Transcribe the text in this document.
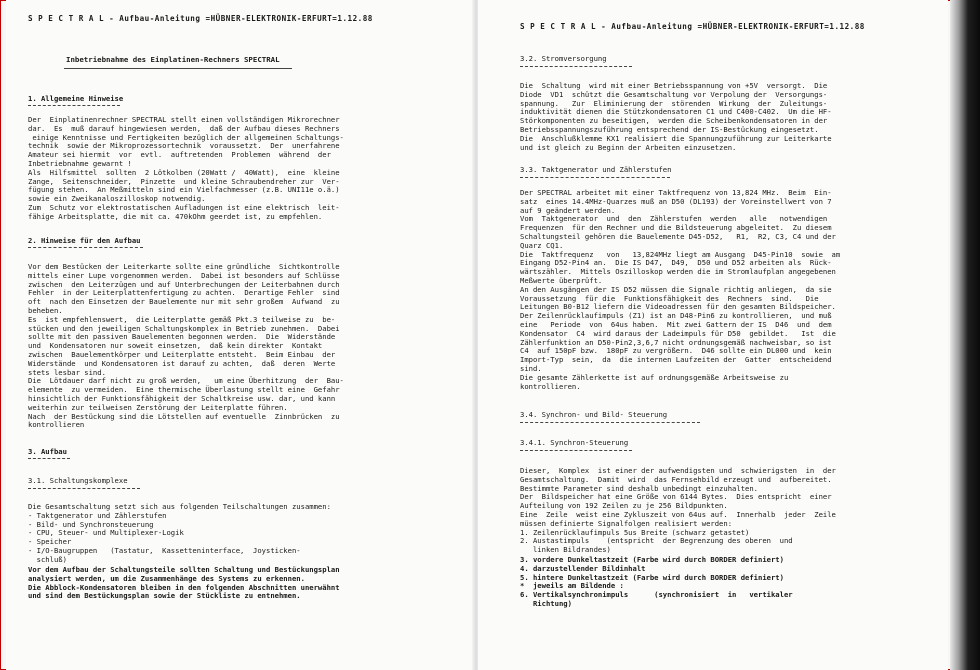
S P E C T R A L - Aufbau-Anleitung =HÜBNER-ELEKTRONIK-ERFURT=1.12.88
Inbetriebnahme des Einplatinen-Rechners SPECTRAL
1. Allgemeine Hinweise
Der  Einplatinenrechner SPECTRAL stellt einen vollständigen Mikrorechner
dar.  Es  muß darauf hingewiesen werden,  daß der Aufbau dieses Rechners
einige Kenntnisse und Fertigkeiten bezüglich der allgemeinen Schaltungs-
technik  sowie der Mikroprozessortechnik  voraussetzt.  Der  unerfahrene
Amateur sei hiermit  vor  evtl.  auftretenden  Problemen  während  der
Inbetriebnahme gewarnt !
Als  Hilfsmittel  sollten  2 Lötkolben (20Watt /  40Watt),  eine  kleine
Zange,  Seitenschneider,  Pinzette  und kleine Schraubendreher zur  Ver-
fügung stehen.  An Meßmitteln sind ein Vielfachmesser (z.B. UNI11e o.ä.)
sowie ein Zweikanaloszilloskop notwendig.
Zum  Schutz vor elektrostatischen Aufladungen ist eine elektrisch  leit-
fähige Arbeitsplatte, die mit ca. 470kOhm geerdet ist, zu empfehlen.
2. Hinweise für den Aufbau
Vor dem Bestücken der Leiterkarte sollte eine gründliche  Sichtkontrolle
mittels einer Lupe vorgenommen werden.  Dabei ist besonders auf Schlüsse
zwischen  den Leiterzügen und auf Unterbrechungen der Leiterbahnen durch
Fehler  in der Leiterplattenfertigung zu achten.  Derartige Fehler  sind
oft  nach den Einsetzen der Bauelemente nur mit sehr großem  Aufwand  zu
beheben.
Es  ist empfehlenswert,  die Leiterplatte gemäß Pkt.3 teilweise zu  be-
stücken und den jeweiligen Schaltungskomplex in Betrieb zunehmen.  Dabei
sollte mit den passiven Bauelementen begonnen werden.  Die  Widerstände
und  Kondensatoren nur soweit einsetzen,  daß kein direkter  Kontakt
zwischen  Bauelementkörper und Leiterplatte entsteht.  Beim Einbau  der
Widerstände  und Kondensatoren ist darauf zu achten,  daß  deren  Werte
stets lesbar sind.
Die  Lötdauer darf nicht zu groß werden,   um eine Überhitzung  der  Bau-
elemente  zu vermeiden.  Eine thermische Überlastung stellt eine  Gefahr
hinsichtlich der Funktionsfähigkeit der Schaltkreise usw. dar, und kann
weiterhin zur teilweisen Zerstörung der Leiterplatte führen.
Nach  der Bestückung sind die Lötstellen auf eventuelle  Zinnbrücken  zu
kontrollieren
3. Aufbau
3.1. Schaltungskomplexe
Die Gesamtschaltung setzt sich aus folgenden Teilschaltungen zusammen:
- Taktgenerator und Zählerstufen
- Bild- und Synchronsteuerung
- CPU, Steuer- und Multiplexer-Logik
- Speicher
- I/O-Baugruppen   (Tastatur,  Kassetteninterface,  Joysticken-
schluß)
Vor dem Aufbau der Schaltungsteile sollten Schaltung und Bestückungsplan
analysiert werden, um die Zusammenhänge des Systems zu erkennen.
Die Abblock-Kondensatoren bleiben in den folgenden Abschnitten unerwähnt
und sind dem Bestückungsplan sowie der Stückliste zu entnehmen.
S P E C T R A L - Aufbau-Anleitung =HÜBNER-ELEKTRONIK-ERFURT=1.12.88
3.2. Stromversorgung
Die  Schaltung  wird mit einer Betriebsspannung von +5V  versorgt.  Die
Diode  VD1  schützt die Gesamtschaltung vor Verpolung der  Versorgungs-
spannung.   Zur  Eliminierung der  störenden  Wirkung  der  Zuleitungs-
induktivität dienen die Stützkondensatoren C1 und C400-C402.  Um die HF-
Störkomponenten zu beseitigen,  werden die Scheibenkondensatoren in der
Betriebsspannungszuführung entsprechend der IS-Bestückung eingesetzt.
Die  Anschlußklemme KX1 realisiert die Spannungzuführung zur Leiterkarte
und ist gleich zu Beginn der Arbeiten einzusetzen.
3.3. Taktgenerator und Zählerstufen
Der SPECTRAL arbeitet mit einer Taktfrequenz von 13,824 MHz.  Beim  Ein-
satz  eines 14.4MHz-Quarzes muß an D50 (DL193) der Voreinstellwert von 7
auf 9 geändert werden.
Vom  Taktgenerator  und  den  Zählerstufen  werden   alle   notwendigen
Frequenzen  für den Rechner und die Bildsteuerung abgeleitet.  Zu diesem
Schaltungsteil gehören die Bauelemente D45-D52,   R1,  R2, C3, C4 und der
Quarz CQ1.
Die  Taktfrequenz   von   13,824MHz liegt am Ausgang  D45-Pin10  sowie  am
Eingang D52-Pin4 an.  Die IS D47,  D49,  D50 und D52 arbeiten als  Rück-
wärtszähler.  Mittels Oszilloskop werden die im Stromlaufplan angegebenen
Meßwerte überprüft.
An den Ausgängen der IS D52 müssen die Signale richtig anliegen,  da sie
Voraussetzung  für die  Funktionsfähigkeit des  Rechners  sind.   Die
Leitungen B0-B12 liefern die Videoadressen für den gesamten Bildspeicher.
Der Zeilenrücklaufimpuls (Z1) ist an D48-Pin6 zu kontrollieren,  und muß
eine   Periode  von  64us haben.  Mit zwei Gattern der IS  D46  und  dem
Kondensator  C4  wird daraus der Ladeimpuls für D50  gebildet.   Ist  die
Zählerfunktion an D50-Pin2,3,6,7 nicht ordnungsgemäß nachweisbar, so ist
C4  auf 150pF bzw.  180pF zu vergrößern.  D46 sollte ein DL000 und  kein
Import-Typ  sein,  da  die internen Laufzeiten der  Gatter  entscheidend
sind.
Die gesamte Zählerkette ist auf ordnungsgemäße Arbeitsweise zu
kontrollieren.
3.4. Synchron- und Bild- Steuerung
3.4.1. Synchron-Steuerung
Dieser,  Komplex  ist einer der aufwendigsten und  schwierigsten  in  der
Gesamtschaltung.  Damit  wird  das Fernsehbild erzeugt und  aufbereitet.
Bestimmte Parameter sind deshalb unbedingt einzuhalten.
Der  Bildspeicher hat eine Größe von 6144 Bytes.  Dies entspricht  einer
Aufteilung von 192 Zeilen zu je 256 Bildpunkten.
Eine  Zeile  weist eine Zykluszeit von 64us auf.  Innerhalb  jeder  Zeile
müssen definierte Signalfolgen realisiert werden:
1. Zeilenrücklaufimpuls 5us Breite (schwarz getastet)
2. Austastimpuls    (entspricht  der Begrenzung des oberen  und
linken Bildrandes)
3. vordere Dunkeltastzeit (Farbe wird durch BORDER definiert)
4. darzustellender Bildinhalt
5. hintere Dunkeltastzeit (Farbe wird durch BORDER definiert)
*  jeweils am Bildende :
6. Vertikalsynchronimpuls      (synchronisiert  in   vertikaler
Richtung)
